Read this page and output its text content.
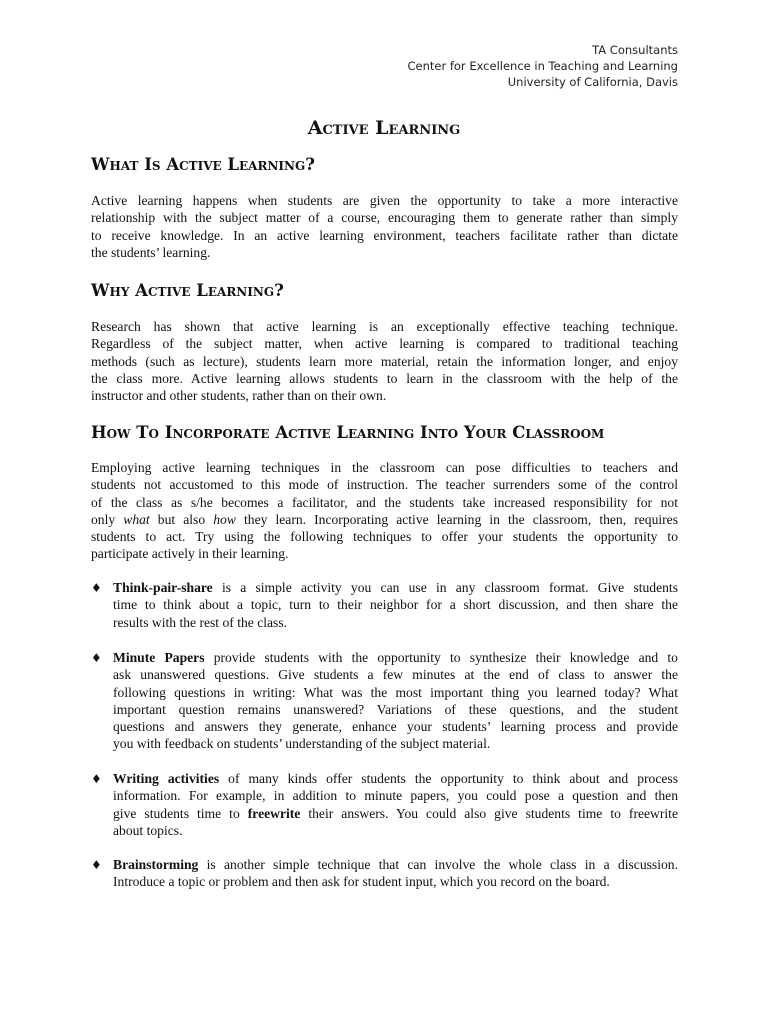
TA Consultants
Center for Excellence in Teaching and Learning
University of California, Davis
Active Learning
What Is Active Learning?
Active learning happens when students are given the opportunity to take a more interactive
relationship with the subject matter of a course, encouraging them to generate rather than simply
to receive knowledge. In an active learning environment, teachers facilitate rather than dictate
the students’ learning.
Why Active Learning?
Research has shown that active learning is an exceptionally effective teaching technique.
Regardless of the subject matter, when active learning is compared to traditional teaching
methods (such as lecture), students learn more material, retain the information longer, and enjoy
the class more. Active learning allows students to learn in the classroom with the help of the
instructor and other students, rather than on their own.
How To Incorporate Active Learning Into Your Classroom
Employing active learning techniques in the classroom can pose difficulties to teachers and
students not accustomed to this mode of instruction. The teacher surrenders some of the control
of the class as s/he becomes a facilitator, and the students take increased responsibility for not
only what but also how they learn. Incorporating active learning in the classroom, then, requires
students to act. Try using the following techniques to offer your students the opportunity to
participate actively in their learning.
♦ Think-pair-share is a simple activity you can use in any classroom format. Give students
time to think about a topic, turn to their neighbor for a short discussion, and then share the
results with the rest of the class.
♦ Minute Papers provide students with the opportunity to synthesize their knowledge and to
ask unanswered questions. Give students a few minutes at the end of class to answer the
following questions in writing: What was the most important thing you learned today? What
important question remains unanswered? Variations of these questions, and the student
questions and answers they generate, enhance your students’ learning process and provide
you with feedback on students’ understanding of the subject material.
♦ Writing activities of many kinds offer students the opportunity to think about and process
information. For example, in addition to minute papers, you could pose a question and then
give students time to freewrite their answers. You could also give students time to freewrite
about topics.
♦ Brainstorming is another simple technique that can involve the whole class in a discussion.
Introduce a topic or problem and then ask for student input, which you record on the board.
